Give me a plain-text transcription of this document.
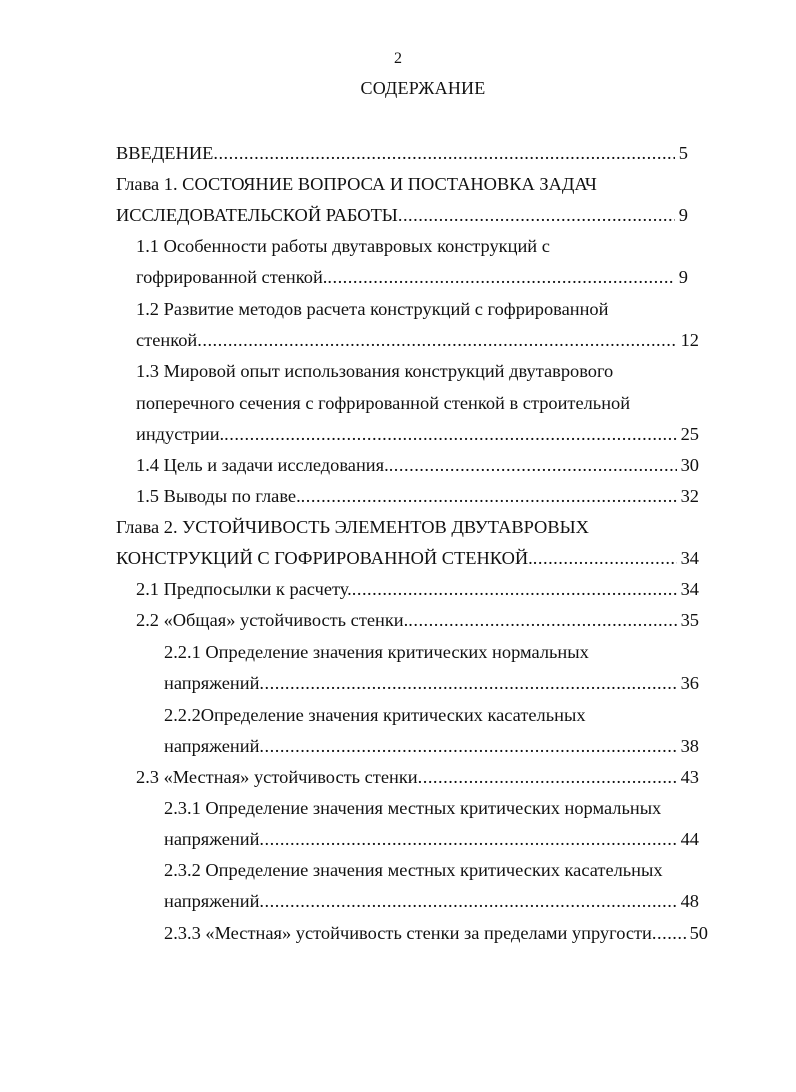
2
СОДЕРЖАНИЕ
ВВЕДЕНИЕ .....	5
Глава 1. СОСТОЯНИЕ ВОПРОСА И ПОСТАНОВКА ЗАДАЧ
ИССЛЕДОВАТЕЛЬСКОЙ РАБОТЫ .....	9
1.1 Особенности работы двутавровых конструкций с
гофрированной стенкой. .....	9
1.2 Развитие методов расчета конструкций с гофрированной
стенкой .....	12
1.3 Мировой опыт использования конструкций двутаврового
поперечного сечения с гофрированной стенкой в строительной
индустрии. .....	25
1.4 Цель и задачи исследования. .....	30
1.5 Выводы по главе. .....	32
Глава 2. УСТОЙЧИВОСТЬ ЭЛЕМЕНТОВ ДВУТАВРОВЫХ
КОНСТРУКЦИЙ С ГОФРИРОВАННОЙ СТЕНКОЙ. .....	34
2.1 Предпосылки к расчету. .....	34
2.2 «Общая» устойчивость стенки. .....	35
2.2.1 Определение значения критических нормальных
напряжений .....	36
2.2.2Определение значения критических касательных
напряжений .....	38
2.3 «Местная» устойчивость стенки .....	43
2.3.1 Определение значения местных критических нормальных
напряжений .....	44
2.3.2 Определение значения местных критических касательных
напряжений .....	48
2.3.3 «Местная» устойчивость стенки за пределами упругости ..... 50
